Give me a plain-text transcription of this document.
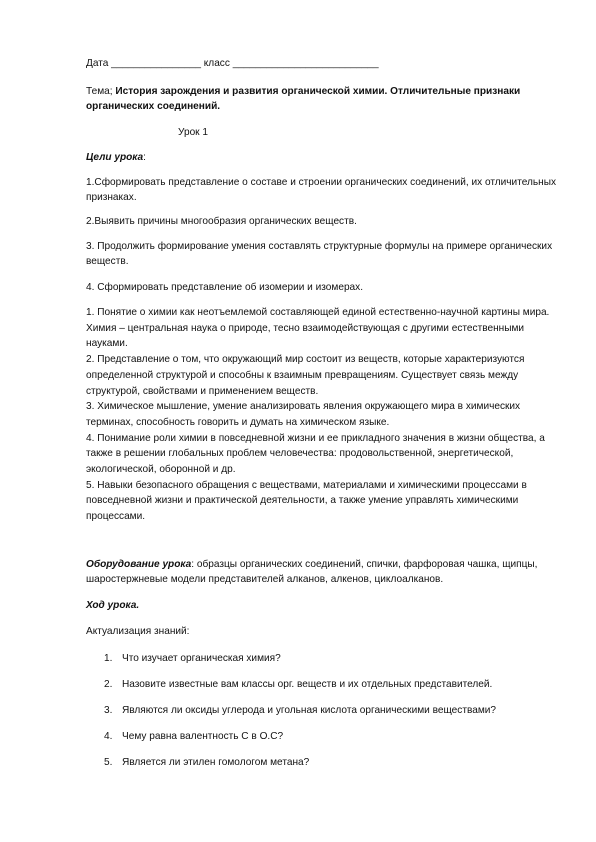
Дата ________________ класс __________________________

Тема; История зарождения и развития органической химии. Отличительные признаки
органических соединений.

Урок 1

Цели урока:

1.Сформировать представление о составе и строении органических соединений, их отличительных
признаках.

2.Выявить причины многообразия органических веществ.

3. Продолжить формирование умения составлять структурные формулы на примере органических
веществ.

4. Сформировать представление об изомерии и изомерах.

1. Понятие о химии как неотъемлемой составляющей единой естественно-научной картины мира.
Химия – центральная наука о природе, тесно взаимодействующая с другими естественными
науками.
2. Представление о том, что окружающий мир состоит из веществ, которые характеризуются
определенной структурой и способны к взаимным превращениям. Существует связь между
структурой, свойствами и применением веществ.
3. Химическое мышление, умение анализировать явления окружающего мира в химических
терминах, способность говорить и думать на химическом языке.
4. Понимание роли химии в повседневной жизни и ее прикладного значения в жизни общества, а
также в решении глобальных проблем человечества: продовольственной, энергетической,
экологической, оборонной и др.
5. Навыки безопасного обращения с веществами, материалами и химическими процессами в
повседневной жизни и практической деятельности, а также умение управлять химическими
процессами.

Оборудование урока: образцы органических соединений, спички, фарфоровая чашка, щипцы,
шаростержневые модели представителей алканов, алкенов, циклоалканов.

Ход урока.

Актуализация знаний:

1. Что изучает органическая химия?
2. Назовите известные вам классы орг. веществ и их отдельных представителей.
3. Являются ли оксиды углерода и угольная кислота органическими веществами?
4. Чему равна валентность С в О.С?
5. Является ли этилен гомологом метана?
